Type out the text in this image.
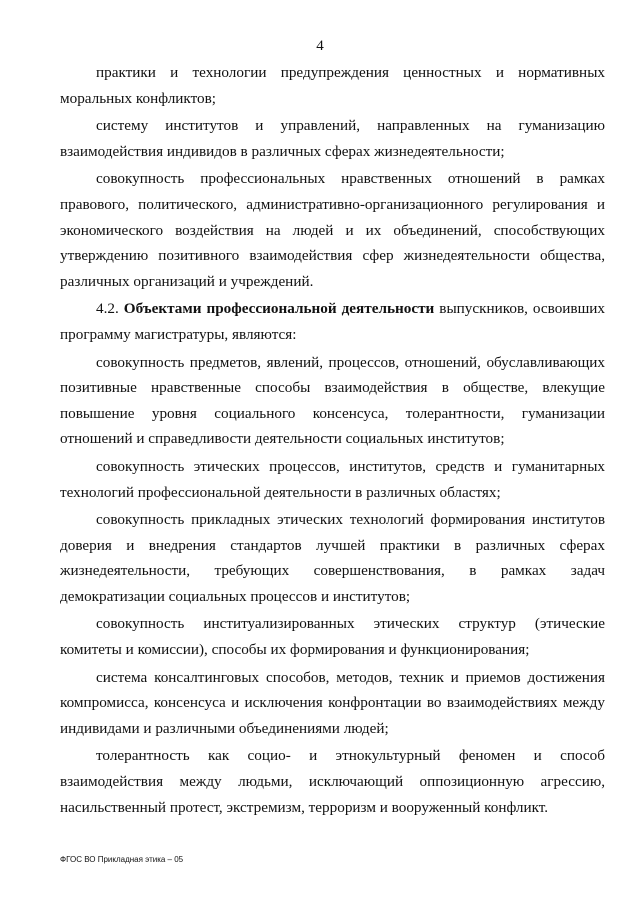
4

практики и технологии предупреждения ценностных и нормативных моральных конфликтов;

систему институтов и управлений, направленных на гуманизацию взаимодействия индивидов в различных сферах жизнедеятельности;

совокупность профессиональных нравственных отношений в рамках правового, политического, административно-организационного регулирования и экономического воздействия на людей и их объединений, способствующих утверждению позитивного взаимодействия сфер жизнедеятельности общества, различных организаций и учреждений.

4.2. Объектами профессиональной деятельности выпускников, освоивших программу магистратуры, являются:

совокупность предметов, явлений, процессов, отношений, обуславливающих позитивные нравственные способы взаимодействия в обществе, влекущие повышение уровня социального консенсуса, толерантности, гуманизации отношений и справедливости деятельности социальных институтов;

совокупность этических процессов, институтов, средств и гуманитарных технологий профессиональной деятельности в различных областях;

совокупность прикладных этических технологий формирования институтов доверия и внедрения стандартов лучшей практики в различных сферах жизнедеятельности, требующих совершенствования, в рамках задач демократизации социальных процессов и институтов;

совокупность институализированных этических структур (этические комитеты и комиссии), способы их формирования и функционирования;

система консалтинговых способов, методов, техник и приемов достижения компромисса, консенсуса и исключения конфронтации во взаимодействиях между индивидами и различными объединениями людей;

толерантность как социо- и этнокультурный феномен и способ взаимодействия между людьми, исключающий оппозиционную агрессию, насильственный протест, экстремизм, терроризм и вооруженный конфликт.

ФГОС ВО Прикладная этика – 05
